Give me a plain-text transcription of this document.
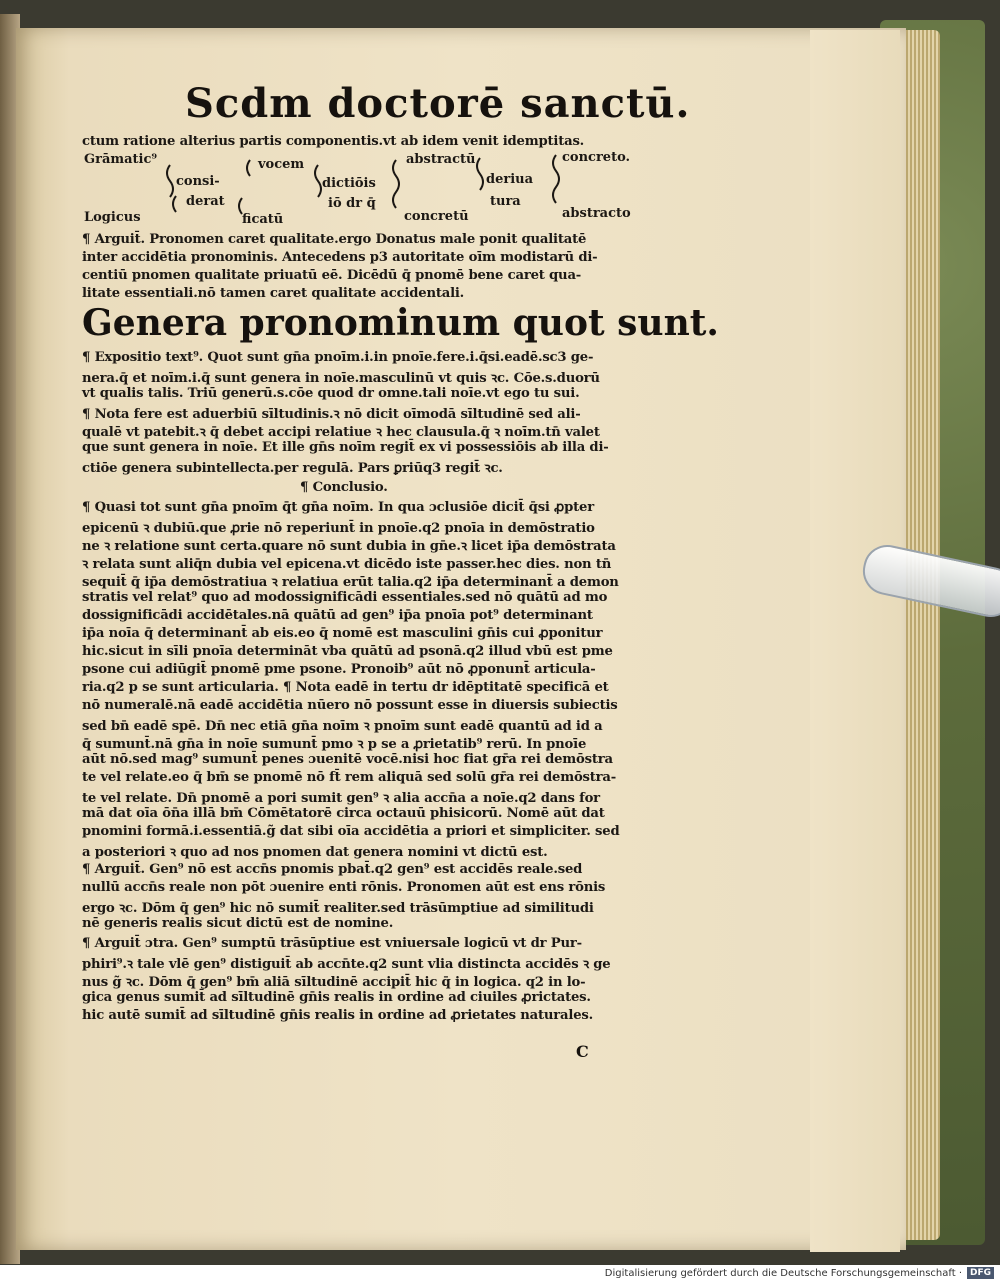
Scdm doctorē sanctū.
ctum ratione alterius partis componentis.vt ab idem venit idemptitas.
Grāmatic⁹	vocem	abstractū	concreto.
consi-	dictiōis	deriua
derat	iō dr q̄	tura
Logicus	ficatū	concretū	abstracto
¶ Arguit̄. Pronomen caret qualitate.ergo Donatus male ponit qualitatē
inter accidētia pronominis. Antecedens p3 autoritate oīm modistarū di-
centiū pnomen qualitate priuatū eē. Dicēdū q̄ pnomē bene caret qua-
litate essentiali.nō tamen caret qualitate accidentali.
Genera pronominum quot sunt.
¶ Expositio text⁹. Quot sunt gn̄a pnoīm.i.in pnoīe.fere.i.q̄si.eadē.sc3 ge-
nera.q̄ et noīm.i.q̄ sunt genera in noīe.masculinū vt quis ꝛc. Cōe.s.duorū
vt qualis talis. Triū generū.s.cōe quod dr omne.tali noīe.vt ego tu sui.
¶ Nota fere est aduerbiū sīltudinis.ꝛ nō dicit oīmodā sīltudinē sed ali-
qualē vt patebit.ꝛ q̄ debet accipi relatiue ꝛ hec clausula.q̄ ꝛ noīm.tn̄ valet
que sunt genera in noīe. Et ille gn̄s noīm regit̄ ex vi possessiōis ab illa di-
ctiōe genera subintellecta.per regulā. Pars ꝑriūq3 regit̄ ꝛc.
¶ Conclusio.
¶ Quasi tot sunt gn̄a pnoīm q̄t gn̄a noīm. In qua ɔclusiōe dicit̄ q̄si ꝓpter
epicenū ꝛ dubiū.que ꝓrie nō reperiunt̄ in pnoīe.q2 pnoīa in demōstratio
ne ꝛ relatione sunt certa.quare nō sunt dubia in gn̄e.ꝛ licet ip̄a demōstrata
ꝛ relata sunt aliq̄n dubia vel epicena.vt dicēdo iste passer.hec dies. non tn̄
sequit̄ q̄ ip̄a demōstratiua ꝛ relatiua erūt talia.q2 ip̄a determinant̄ a demon
stratis vel relat⁹ quo ad modossignificādi essentiales.sed nō quātū ad mo
dossignificādi accidētales.nā quātū ad gen⁹ ip̄a pnoīa pot⁹ determinant
ip̄a noīa q̄ determinant̄ ab eis.eo q̄ nomē est masculini gn̄is cui ꝓponitur
hic.sicut in sīli pnoīa determināt vba quātū ad psonā.q2 illud vbū est pme
psone cui adiūgit̄ pnomē pme psone. Pronoib⁹ aūt nō ꝓponunt̄ articula-
ria.q2 p se sunt articularia. ¶ Nota eadē in tertu dr idēptitatē specificā et
nō numeralē.nā eadē accidētia nūero nō possunt esse in diuersis subiectis
sed bn̄ eadē spē. Dn̄ nec etiā gn̄a noīm ꝛ pnoīm sunt eadē quantū ad id a
q̄ sumunt̄.nā gn̄a in noīe sumunt̄ pmo ꝛ p se a ꝓrietatib⁹ rerū. In pnoīe
aūt nō.sed mag⁹ sumunt̄ penes ɔuenitē vocē.nisi hoc fiat gr̄a rei demōstra
te vel relate.eo q̄ bm̄ se pnomē nō ft̄ rem aliquā sed solū gr̄a rei demōstra-
te vel relate. Dn̄ pnomē a pori sumit gen⁹ ꝛ alia accn̄a a noīe.q2 dans for
mā dat oīa ōn̄a illā bm̄ Cōmētatorē circa octauū phisicorū. Nomē aūt dat
pnomini formā.i.essentiā.g̃ dat sibi oīa accidētia a priori et simpliciter. sed
a posteriori ꝛ quo ad nos pnomen dat genera nomini vt dictū est.
¶ Arguit̄. Gen⁹ nō est accn̄s pnomis pbat̄.q2 gen⁹ est accidēs reale.sed
nullū accn̄s reale non pōt ɔuenire enti rōnis. Pronomen aūt est ens rōnis
ergo ꝛc. Dōm q̄ gen⁹ hic nō sumit̄ realiter.sed trāsūmptiue ad similitudi
nē generis realis sicut dictū est de nomine.
¶ Arguit̄ ɔtra. Gen⁹ sumptū trāsūptiue est vniuersale logicū vt dr Pur-
phiri⁹.ꝛ tale vlē gen⁹ distiguit̄ ab accn̄te.q2 sunt vlia distincta accidēs ꝛ ge
nus g̃ ꝛc. Dōm q̄ gen⁹ bm̄ aliā sīltudinē accipit̄ hic q̄ in logica. q2 in lo-
gica genus sumit̄ ad sīltudinē gn̄is realis in ordine ad ciuiles ꝓrictates.
hic autē sumit̄ ad sīltudinē gn̄is realis in ordine ad ꝓrietates naturales.
C
Digitalisierung gefördert durch die Deutsche Forschungsgemeinschaft · DFG
